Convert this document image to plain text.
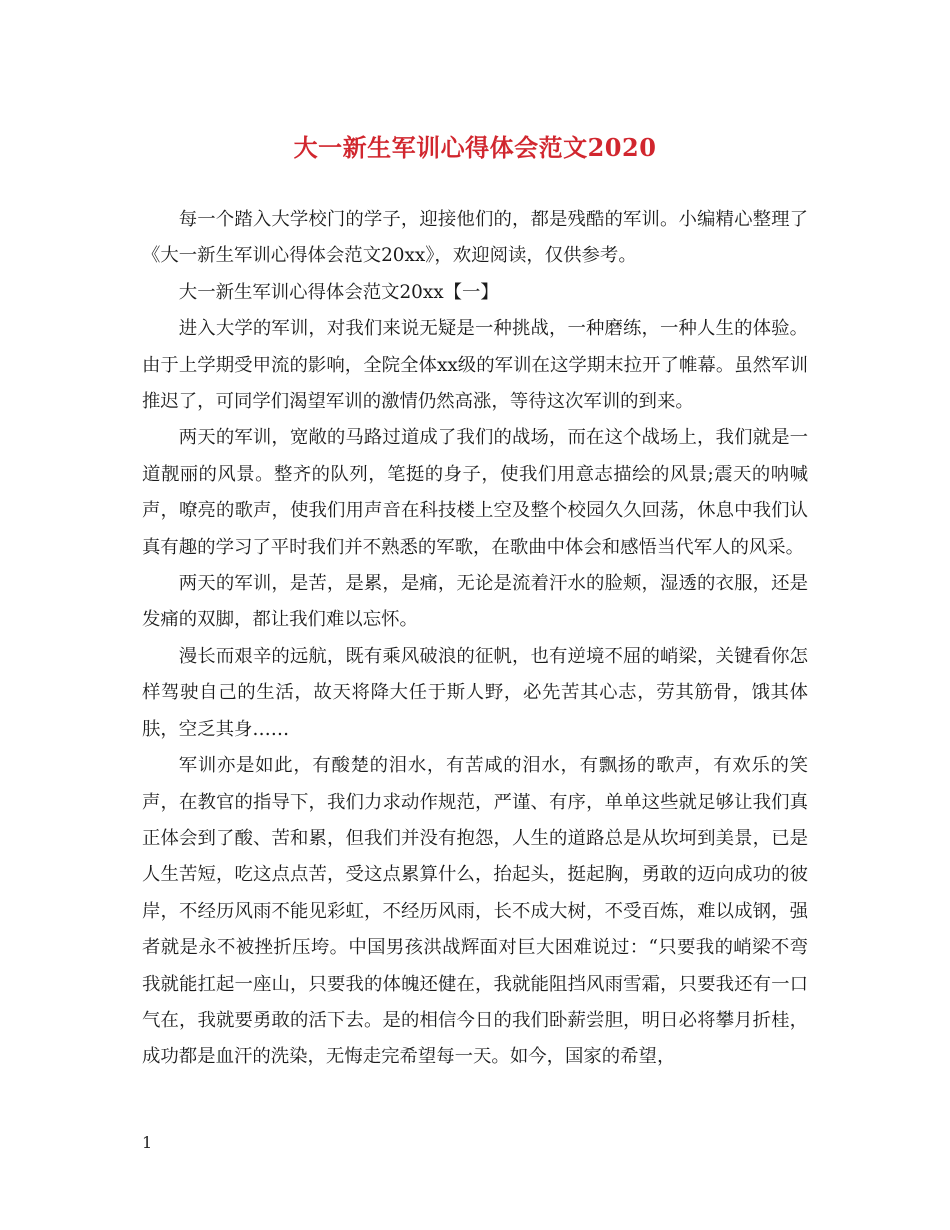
大一新生军训心得体会范文2020

每一个踏入大学校门的学子，迎接他们的，都是残酷的军训。小编精心整理了《大一新生军训心得体会范文20xx》，欢迎阅读，仅供参考。

大一新生军训心得体会范文20xx【一】

进入大学的军训，对我们来说无疑是一种挑战，一种磨练，一种人生的体验。由于上学期受甲流的影响，全院全体xx级的军训在这学期末拉开了帷幕。虽然军训推迟了，可同学们渴望军训的激情仍然高涨，等待这次军训的到来。

两天的军训，宽敞的马路过道成了我们的战场，而在这个战场上，我们就是一道靓丽的风景。整齐的队列，笔挺的身子，使我们用意志描绘的风景;震天的呐喊声，嘹亮的歌声，使我们用声音在科技楼上空及整个校园久久回荡，休息中我们认真有趣的学习了平时我们并不熟悉的军歌，在歌曲中体会和感悟当代军人的风采。

两天的军训，是苦，是累，是痛，无论是流着汗水的脸颊，湿透的衣服，还是发痛的双脚，都让我们难以忘怀。

漫长而艰辛的远航，既有乘风破浪的征帆，也有逆境不屈的峭梁，关键看你怎样驾驶自己的生活，故天将降大任于斯人野，必先苦其心志，劳其筋骨，饿其体肤，空乏其身……

军训亦是如此，有酸楚的泪水，有苦咸的泪水，有飘扬的歌声，有欢乐的笑声，在教官的指导下，我们力求动作规范，严谨、有序，单单这些就足够让我们真正体会到了酸、苦和累，但我们并没有抱怨，人生的道路总是从坎坷到美景，已是人生苦短，吃这点点苦，受这点累算什么，抬起头，挺起胸，勇敢的迈向成功的彼岸，不经历风雨不能见彩虹，不经历风雨，长不成大树，不受百炼，难以成钢，强者就是永不被挫折压垮。中国男孩洪战辉面对巨大困难说过：“只要我的峭梁不弯我就能扛起一座山，只要我的体魄还健在，我就能阻挡风雨雪霜，只要我还有一口气在，我就要勇敢的活下去。是的相信今日的我们卧薪尝胆，明日必将攀月折桂，成功都是血汗的洗染，无悔走完希望每一天。如今，国家的希望，

1
